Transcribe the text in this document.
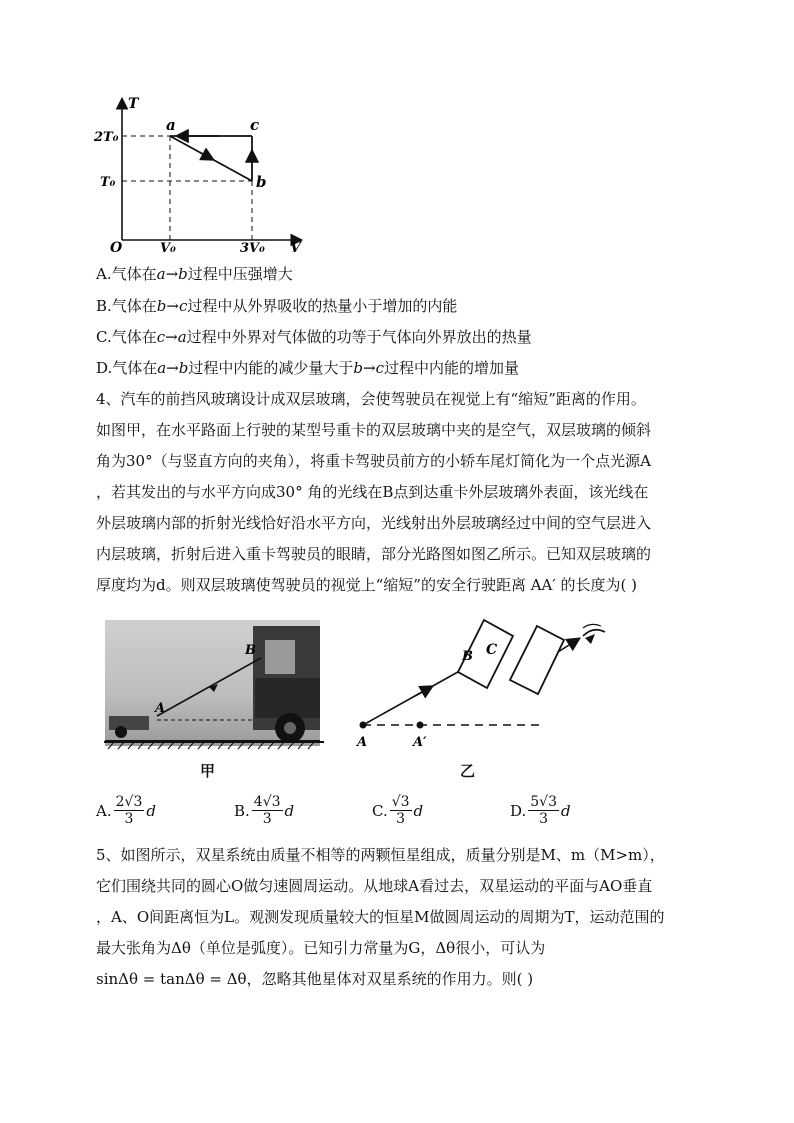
T
V
O
2T₀
T₀
V₀	3V₀
a
b
c
A.气体在a→b过程中压强增大
B.气体在b→c过程中从外界吸收的热量小于增加的内能
C.气体在c→a过程中外界对气体做的功等于气体向外界放出的热量
D.气体在a→b过程中内能的减少量大于b→c过程中内能的增加量
4、汽车的前挡风玻璃设计成双层玻璃，会使驾驶员在视觉上有“缩短”距离的作用。
如图甲，在水平路面上行驶的某型号重卡的双层玻璃中夹的是空气，双层玻璃的倾斜
角为30°（与竖直方向的夹角），将重卡驾驶员前方的小轿车尾灯简化为一个点光源A
，若其发出的与水平方向成30° 角的光线在B点到达重卡外层玻璃外表面，该光线在
外层玻璃内部的折射光线恰好沿水平方向，光线射出外层玻璃经过中间的空气层进入
内层玻璃，折射后进入重卡驾驶员的眼睛，部分光路图如图乙所示。已知双层玻璃的
厚度均为d。则双层玻璃使驾驶员的视觉上“缩短”的安全行驶距离 AA′ 的长度为( )
A
B
甲
B C
A	A′
乙
A. $\frac{2√3}{3}$ d	B. $\frac{4√3}{3}$ d	C. $\frac{√3}{3}$ d	D. $\frac{5√3}{3}$ d
5、如图所示，双星系统由质量不相等的两颗恒星组成，质量分别是M、m（M>m），
它们围绕共同的圆心O做匀速圆周运动。从地球A看过去，双星运动的平面与AO垂直
，A、O间距离恒为L。观测发现质量较大的恒星M做圆周运动的周期为T，运动范围的
最大张角为Δθ（单位是弧度）。已知引力常量为G，Δθ很小，可认为
sinΔθ = tanΔθ = Δθ，忽略其他星体对双星系统的作用力。则( )
